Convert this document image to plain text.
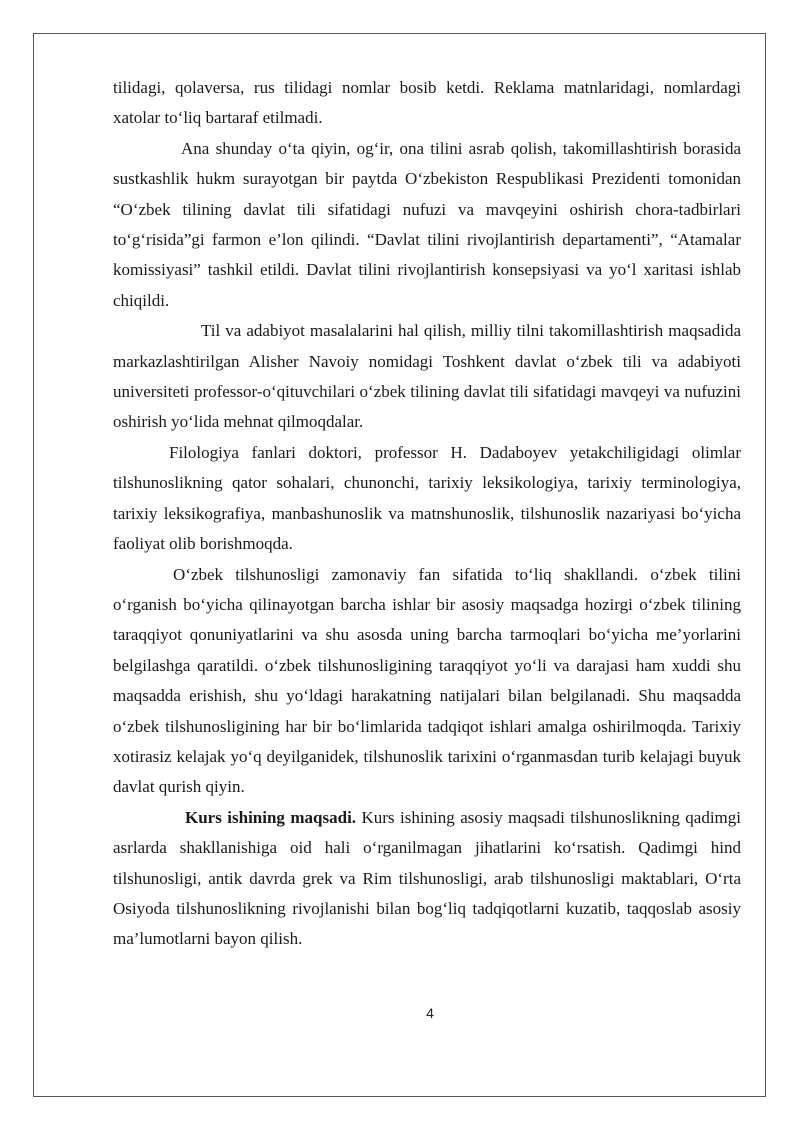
tilidagi, qolaversa, rus tilidagi nomlar bosib ketdi. Reklama matnlaridagi, nomlardagi xatolar to‘liq bartaraf etilmadi.

Ana shunday o‘ta qiyin, og‘ir, ona tilini asrab qolish, takomillashtirish borasida sustkashlik hukm surayotgan bir paytda O‘zbekiston Respublikasi Prezidenti tomonidan “O‘zbek tilining davlat tili sifatidagi nufuzi va mavqeyini oshirish chora-tadbirlari to‘g‘risida”gi farmon e’lon qilindi. “Davlat tilini rivojlantirish departamenti”, “Atamalar komissiyasi” tashkil etildi. Davlat tilini rivojlantirish konsepsiyasi va yo‘l xaritasi ishlab chiqildi.

Til va adabiyot masalalarini hal qilish, milliy tilni takomillashtirish maqsadida markazlashtirilgan Alisher Navoiy nomidagi Toshkent davlat o‘zbek tili va adabiyoti universiteti professor-o‘qituvchilari o‘zbek tilining davlat tili sifatidagi mavqeyi va nufuzini oshirish yo‘lida mehnat qilmoqdalar.

Filologiya fanlari doktori, professor H. Dadaboyev yetakchiligidagi olimlar tilshunoslikning qator sohalari, chunonchi, tarixiy leksikologiya, tarixiy terminologiya, tarixiy leksikografiya, manbashunoslik va matnshunoslik, tilshunoslik nazariyasi bo‘yicha faoliyat olib borishmoqda.

O‘zbek tilshunosligi zamonaviy fan sifatida to‘liq shakllandi. o‘zbek tilini o‘rganish bo‘yicha qilinayotgan barcha ishlar bir asosiy maqsadga hozirgi o‘zbek tilining taraqqiyot qonuniyatlarini va shu asosda uning barcha tarmoqlari bo‘yicha me’yorlarini belgilashga qaratildi. o‘zbek tilshunosligining taraqqiyot yo‘li va darajasi ham xuddi shu maqsadda erishish, shu yo‘ldagi harakatning natijalari bilan belgilanadi. Shu maqsadda o‘zbek tilshunosligining har bir bo‘limlarida tadqiqot ishlari amalga oshirilmoqda. Tarixiy xotirasiz kelajak yo‘q deyilganidek, tilshunoslik tarixini o‘rganmasdan turib kelajagi buyuk davlat qurish qiyin.

Kurs ishining maqsadi. Kurs ishining asosiy maqsadi tilshunoslikning qadimgi asrlarda shakllanishiga oid hali o‘rganilmagan jihatlarini ko‘rsatish. Qadimgi hind tilshunosligi, antik davrda grek va Rim tilshunosligi, arab tilshunosligi maktablari, O‘rta Osiyoda tilshunoslikning rivojlanishi bilan bog‘liq tadqiqotlarni kuzatib, taqqoslab asosiy ma’lumotlarni bayon qilish.

4
